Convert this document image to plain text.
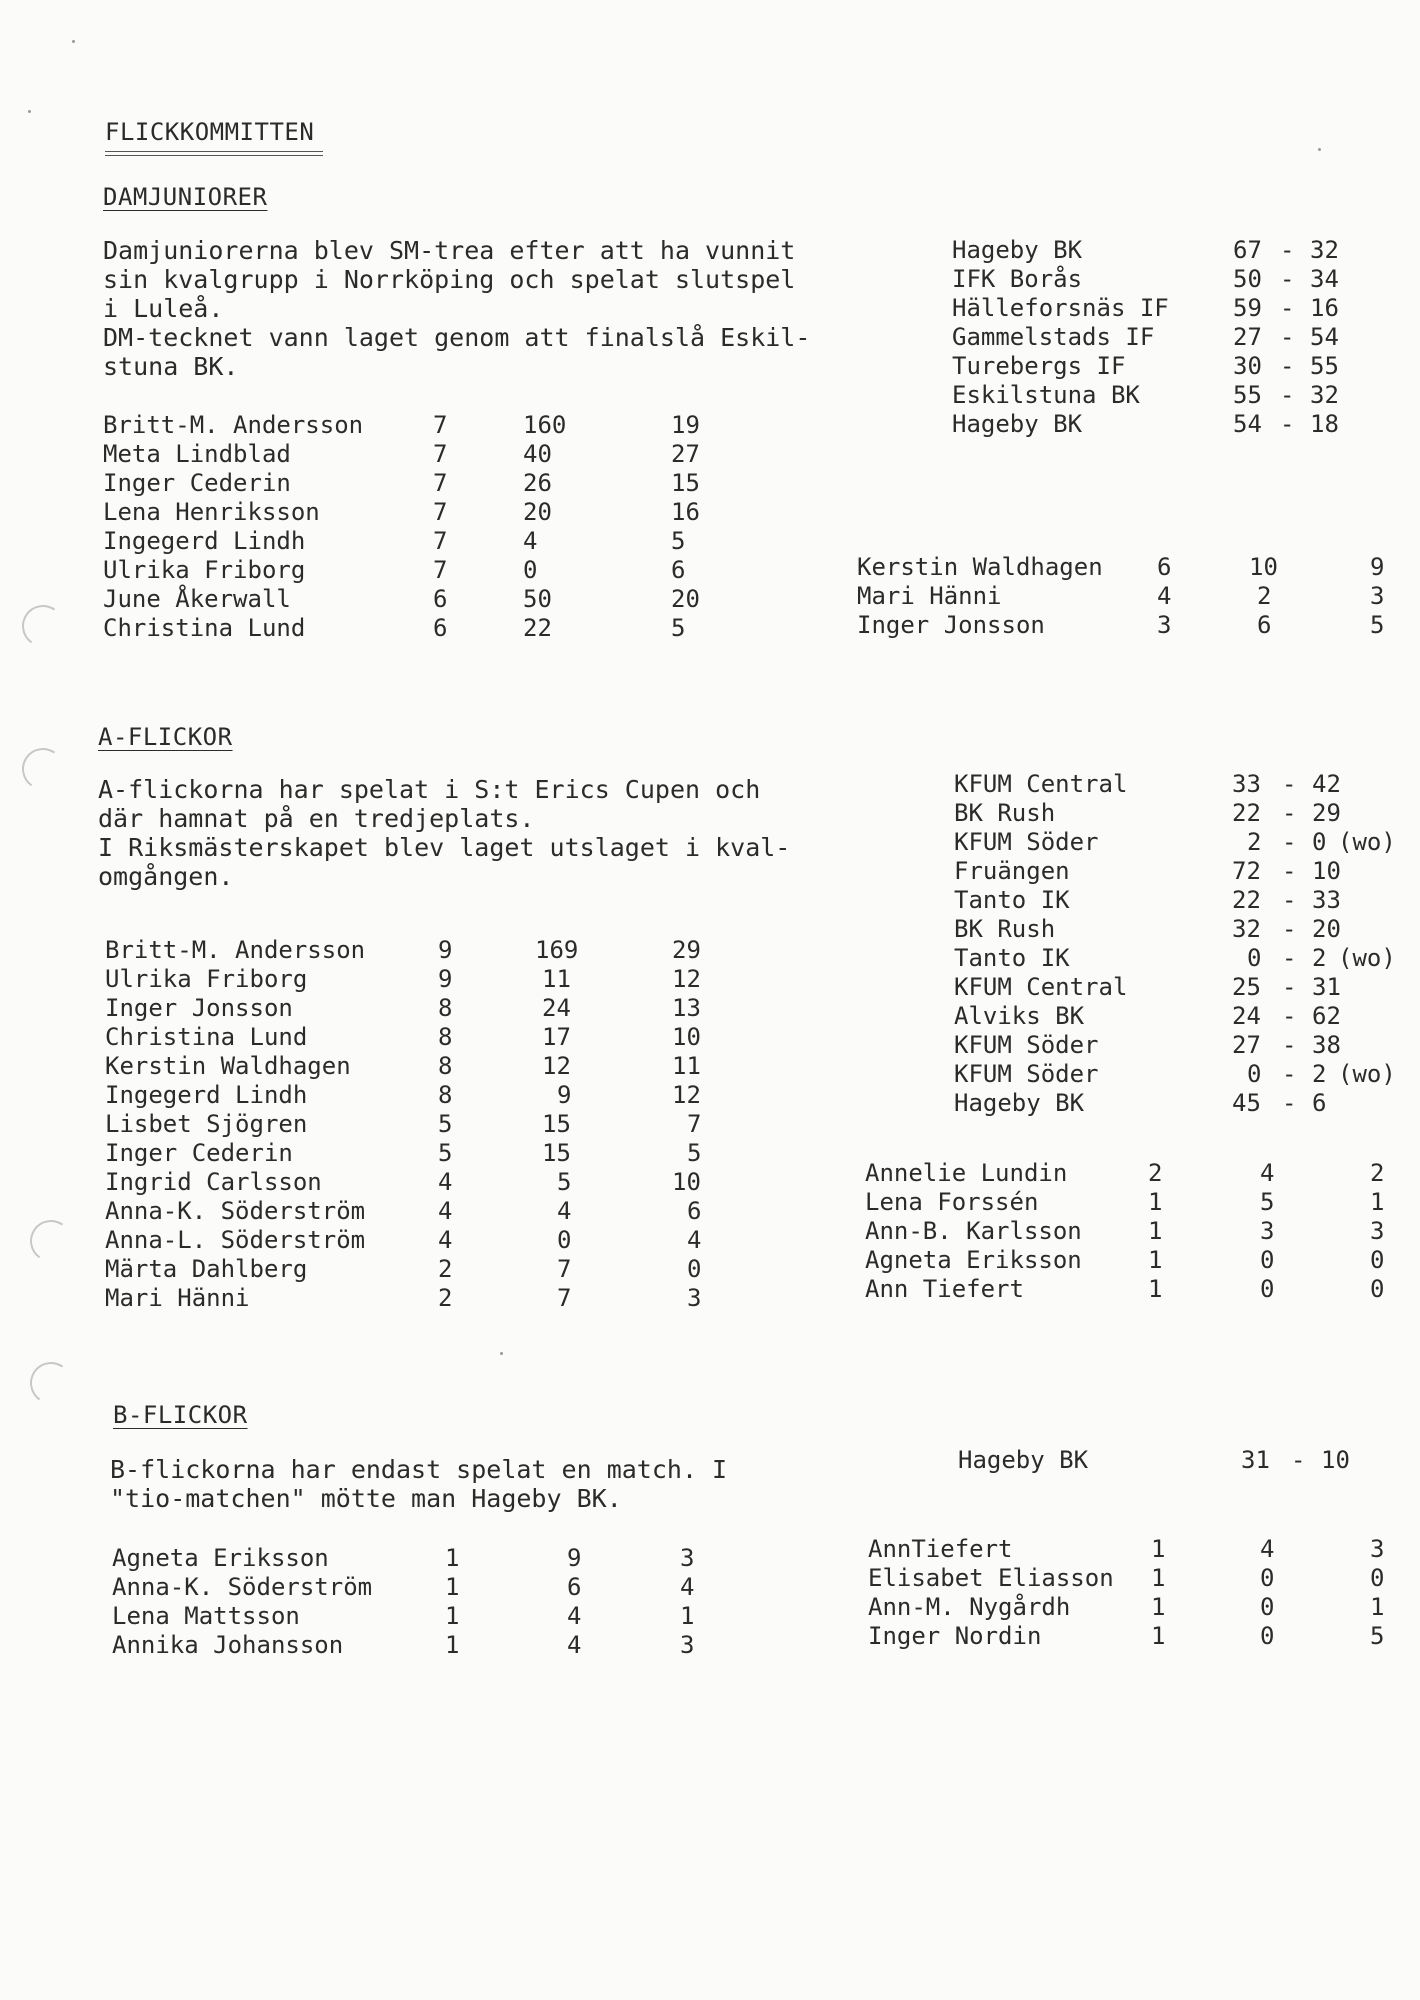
FLICKKOMMITTEN
DAMJUNIORER
Damjuniorerna blev SM-trea efter att ha vunnit
sin kvalgrupp i Norrköping och spelat slutspel
i Luleå.
DM-tecknet vann laget genom att finalslå Eskil-
stuna BK.
Britt-M. Andersson	7	160	19
Meta Lindblad	7	40	27
Inger Cederin	7	26	15
Lena Henriksson	7	20	16
Ingegerd Lindh	7	4	5
Ulrika Friborg	7	0	6
June Åkerwall	6	50	20
Christina Lund	6	22	5
Hageby BK	67 - 32
IFK Borås	50 - 34
Hälleforsnäs IF	59 - 16
Gammelstads IF	27 - 54
Turebergs IF	30 - 55
Eskilstuna BK	55 - 32
Hageby BK	54 - 18
Kerstin Waldhagen 6	10	9
Mari Hänni	4	2	3
Inger Jonsson	3	6	5
A-FLICKOR
A-flickorna har spelat i S:t Erics Cupen och
där hamnat på en tredjeplats.
I Riksmästerskapet blev laget utslaget i kval-
omgången.
Britt-M. Andersson	9	169	29
Ulrika Friborg	9	11	12
Inger Jonsson	8	24	13
Christina Lund	8	17	10
Kerstin Waldhagen	8	12	11
Ingegerd Lindh	8	9	12
Lisbet Sjögren	5	15	7
Inger Cederin	5	15	5
Ingrid Carlsson	4	5	10
Anna-K. Söderström	4	4	6
Anna-L. Söderström	4	0	4
Märta Dahlberg	2	7	0
Mari Hänni	2	7	3
KFUM Central	33 - 42
BK Rush	22 - 29
KFUM Söder	2 - 0 (wo)
Fruängen	72 - 10
Tanto IK	22 - 33
BK Rush	32 - 20
Tanto IK	0 - 2 (wo)
KFUM Central	25 - 31
Alviks BK	24 - 62
KFUM Söder	27 - 38
KFUM Söder	0 - 2 (wo)
Hageby BK	45 - 6
Annelie Lundin	2	4	2
Lena Forssén	1	5	1
Ann-B. Karlsson	1	3	3
Agneta Eriksson	1	0	0
Ann Tiefert	1	0	0
B-FLICKOR
B-flickorna har endast spelat en match. I
"tio-matchen" mötte man Hageby BK.
Hageby BK	31 - 10
Agneta Eriksson	1	9	3
Anna-K. Söderström	1	6	4
Lena Mattsson	1	4	1
Annika Johansson	1	4	3
AnnTiefert	1	4	3
Elisabet Eliasson 1	0	0
Ann-M. Nygårdh	1	0	1
Inger Nordin	1	0	5
